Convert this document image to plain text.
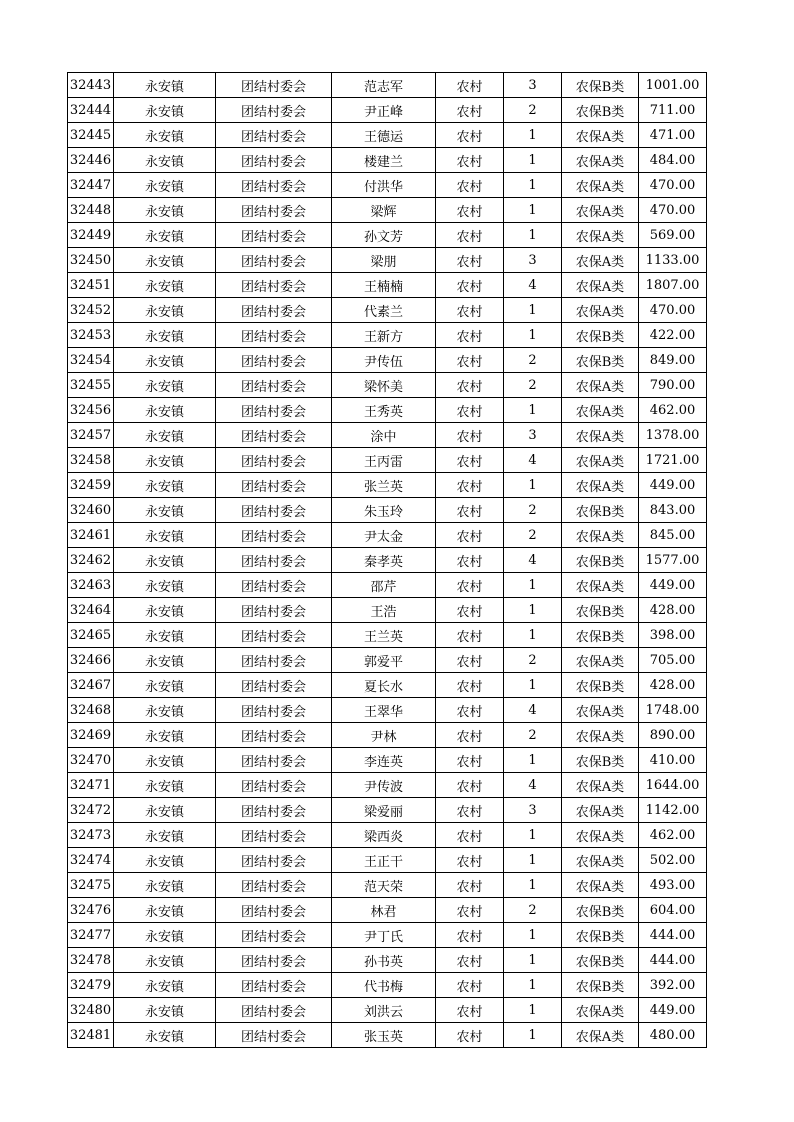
32443	永安镇	团结村委会	范志军	农村	3	农保B类	1001.00
32444	永安镇	团结村委会	尹正峰	农村	2	农保B类	711.00
32445	永安镇	团结村委会	王德运	农村	1	农保A类	471.00
32446	永安镇	团结村委会	楼建兰	农村	1	农保A类	484.00
32447	永安镇	团结村委会	付洪华	农村	1	农保A类	470.00
32448	永安镇	团结村委会	梁辉	农村	1	农保A类	470.00
32449	永安镇	团结村委会	孙文芳	农村	1	农保A类	569.00
32450	永安镇	团结村委会	梁朋	农村	3	农保A类	1133.00
32451	永安镇	团结村委会	王楠楠	农村	4	农保A类	1807.00
32452	永安镇	团结村委会	代素兰	农村	1	农保A类	470.00
32453	永安镇	团结村委会	王新方	农村	1	农保B类	422.00
32454	永安镇	团结村委会	尹传伍	农村	2	农保B类	849.00
32455	永安镇	团结村委会	梁怀美	农村	2	农保A类	790.00
32456	永安镇	团结村委会	王秀英	农村	1	农保A类	462.00
32457	永安镇	团结村委会	涂中	农村	3	农保A类	1378.00
32458	永安镇	团结村委会	王丙雷	农村	4	农保A类	1721.00
32459	永安镇	团结村委会	张兰英	农村	1	农保A类	449.00
32460	永安镇	团结村委会	朱玉玲	农村	2	农保B类	843.00
32461	永安镇	团结村委会	尹太金	农村	2	农保A类	845.00
32462	永安镇	团结村委会	秦孝英	农村	4	农保B类	1577.00
32463	永安镇	团结村委会	邵芹	农村	1	农保A类	449.00
32464	永安镇	团结村委会	王浩	农村	1	农保B类	428.00
32465	永安镇	团结村委会	王兰英	农村	1	农保B类	398.00
32466	永安镇	团结村委会	郭爱平	农村	2	农保A类	705.00
32467	永安镇	团结村委会	夏长水	农村	1	农保B类	428.00
32468	永安镇	团结村委会	王翠华	农村	4	农保A类	1748.00
32469	永安镇	团结村委会	尹林	农村	2	农保A类	890.00
32470	永安镇	团结村委会	李连英	农村	1	农保B类	410.00
32471	永安镇	团结村委会	尹传波	农村	4	农保A类	1644.00
32472	永安镇	团结村委会	梁爱丽	农村	3	农保A类	1142.00
32473	永安镇	团结村委会	梁西炎	农村	1	农保A类	462.00
32474	永安镇	团结村委会	王正干	农村	1	农保A类	502.00
32475	永安镇	团结村委会	范天荣	农村	1	农保A类	493.00
32476	永安镇	团结村委会	林君	农村	2	农保B类	604.00
32477	永安镇	团结村委会	尹丁氏	农村	1	农保B类	444.00
32478	永安镇	团结村委会	孙书英	农村	1	农保B类	444.00
32479	永安镇	团结村委会	代书梅	农村	1	农保B类	392.00
32480	永安镇	团结村委会	刘洪云	农村	1	农保A类	449.00
32481	永安镇	团结村委会	张玉英	农村	1	农保A类	480.00
